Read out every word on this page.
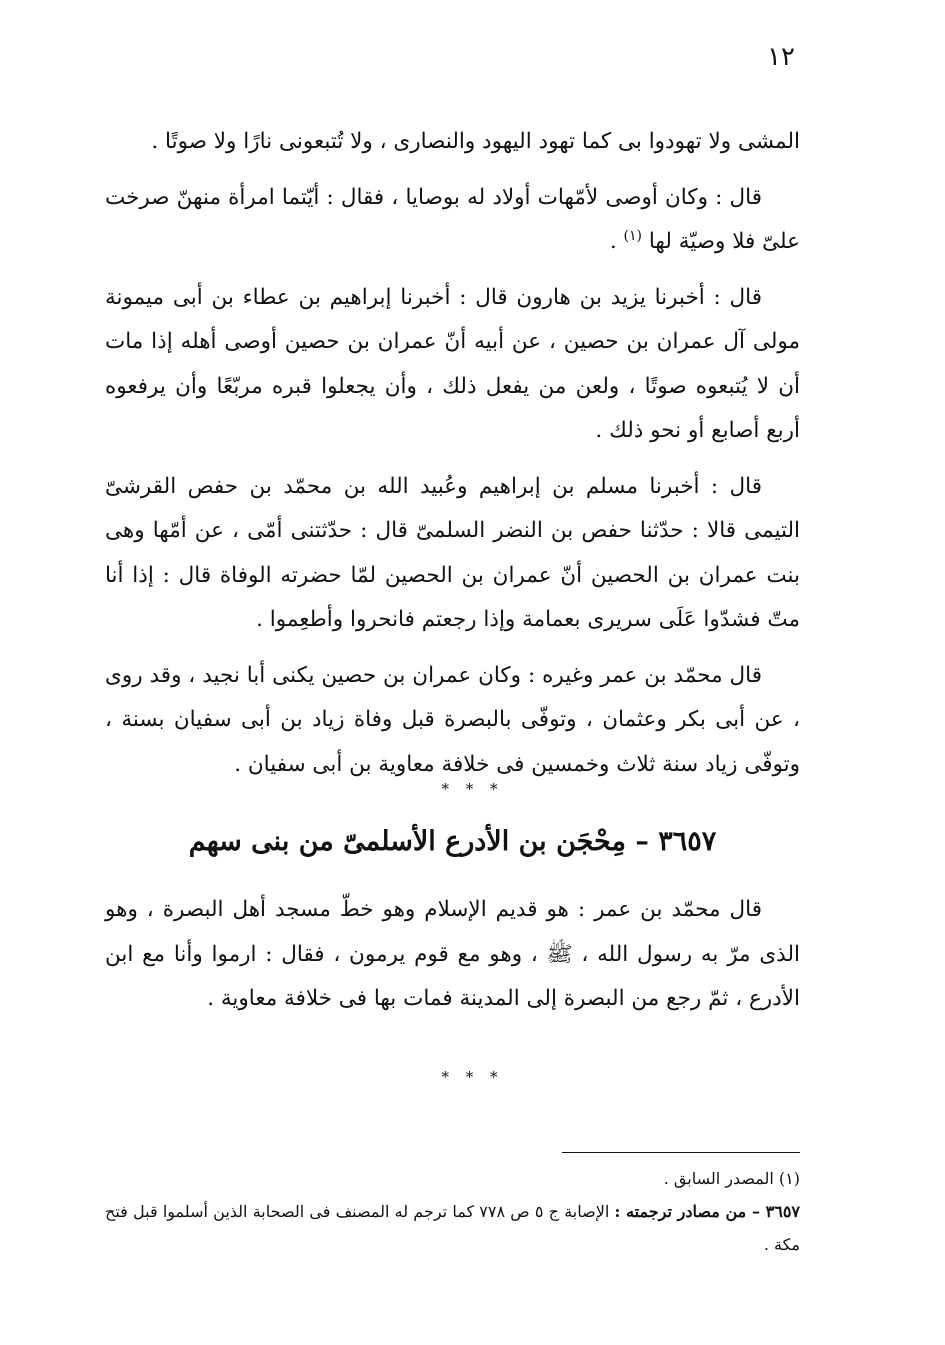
١٢

المشى ولا تهودوا بى كما تهود اليهود والنصارى ، ولا تُتبعونى نارًا ولا صوتًا .

قال : وكان أوصى لأمّهات أولاد له بوصايا ، فقال : أيّتما امرأة منهنّ صرخت علىّ فلا وصيّة لها $^{(١)}$ .

قال : أخبرنا يزيد بن هارون قال : أخبرنا إبراهيم بن عطاء بن أبى ميمونة مولى آل عمران بن حصين ، عن أبيه أنّ عمران بن حصين أوصى أهله إذا مات أن لا يُتبعوه صوتًا ، ولعن من يفعل ذلك ، وأن يجعلوا قبره مربّعًا وأن يرفعوه أربع أصابع أو نحو ذلك .

قال : أخبرنا مسلم بن إبراهيم وعُبيد الله بن محمّد بن حفص القرشىّ التيمى قالا : حدّثنا حفص بن النضر السلمىّ قال : حدّثتنى أمّى ، عن أمّها وهى بنت عمران بن الحصين أنّ عمران بن الحصين لمّا حضرته الوفاة قال : إذا أنا متّ فشدّوا عَلَى سريرى بعمامة وإذا رجعتم فانحروا وأطعِموا .

قال محمّد بن عمر وغيره : وكان عمران بن حصين يكنى أبا نجيد ، وقد روى ، عن أبى بكر وعثمان ، وتوفّى بالبصرة قبل وفاة زياد بن أبى سفيان بسنة ، وتوفّى زياد سنة ثلاث وخمسين فى خلافة معاوية بن أبى سفيان .

* * *
٣٦٥٧ – مِحْجَن بن الأدرع الأسلمىّ من بنى سهم

قال محمّد بن عمر : هو قديم الإسلام وهو خطّ مسجد أهل البصرة ، وهو الذى مرّ به رسول الله ، ﷺ ، وهو مع قوم يرمون ، فقال : ارموا وأنا مع ابن الأدرع ، ثمّ رجع من البصرة إلى المدينة فمات بها فى خلافة معاوية .

* * *

(١) المصدر السابق .

٣٦٥٧ – من مصادر ترجمته : الإصابة ج ٥ ص ٧٧٨ كما ترجم له المصنف فى الصحابة الذين أسلموا قبل فتح مكة .
